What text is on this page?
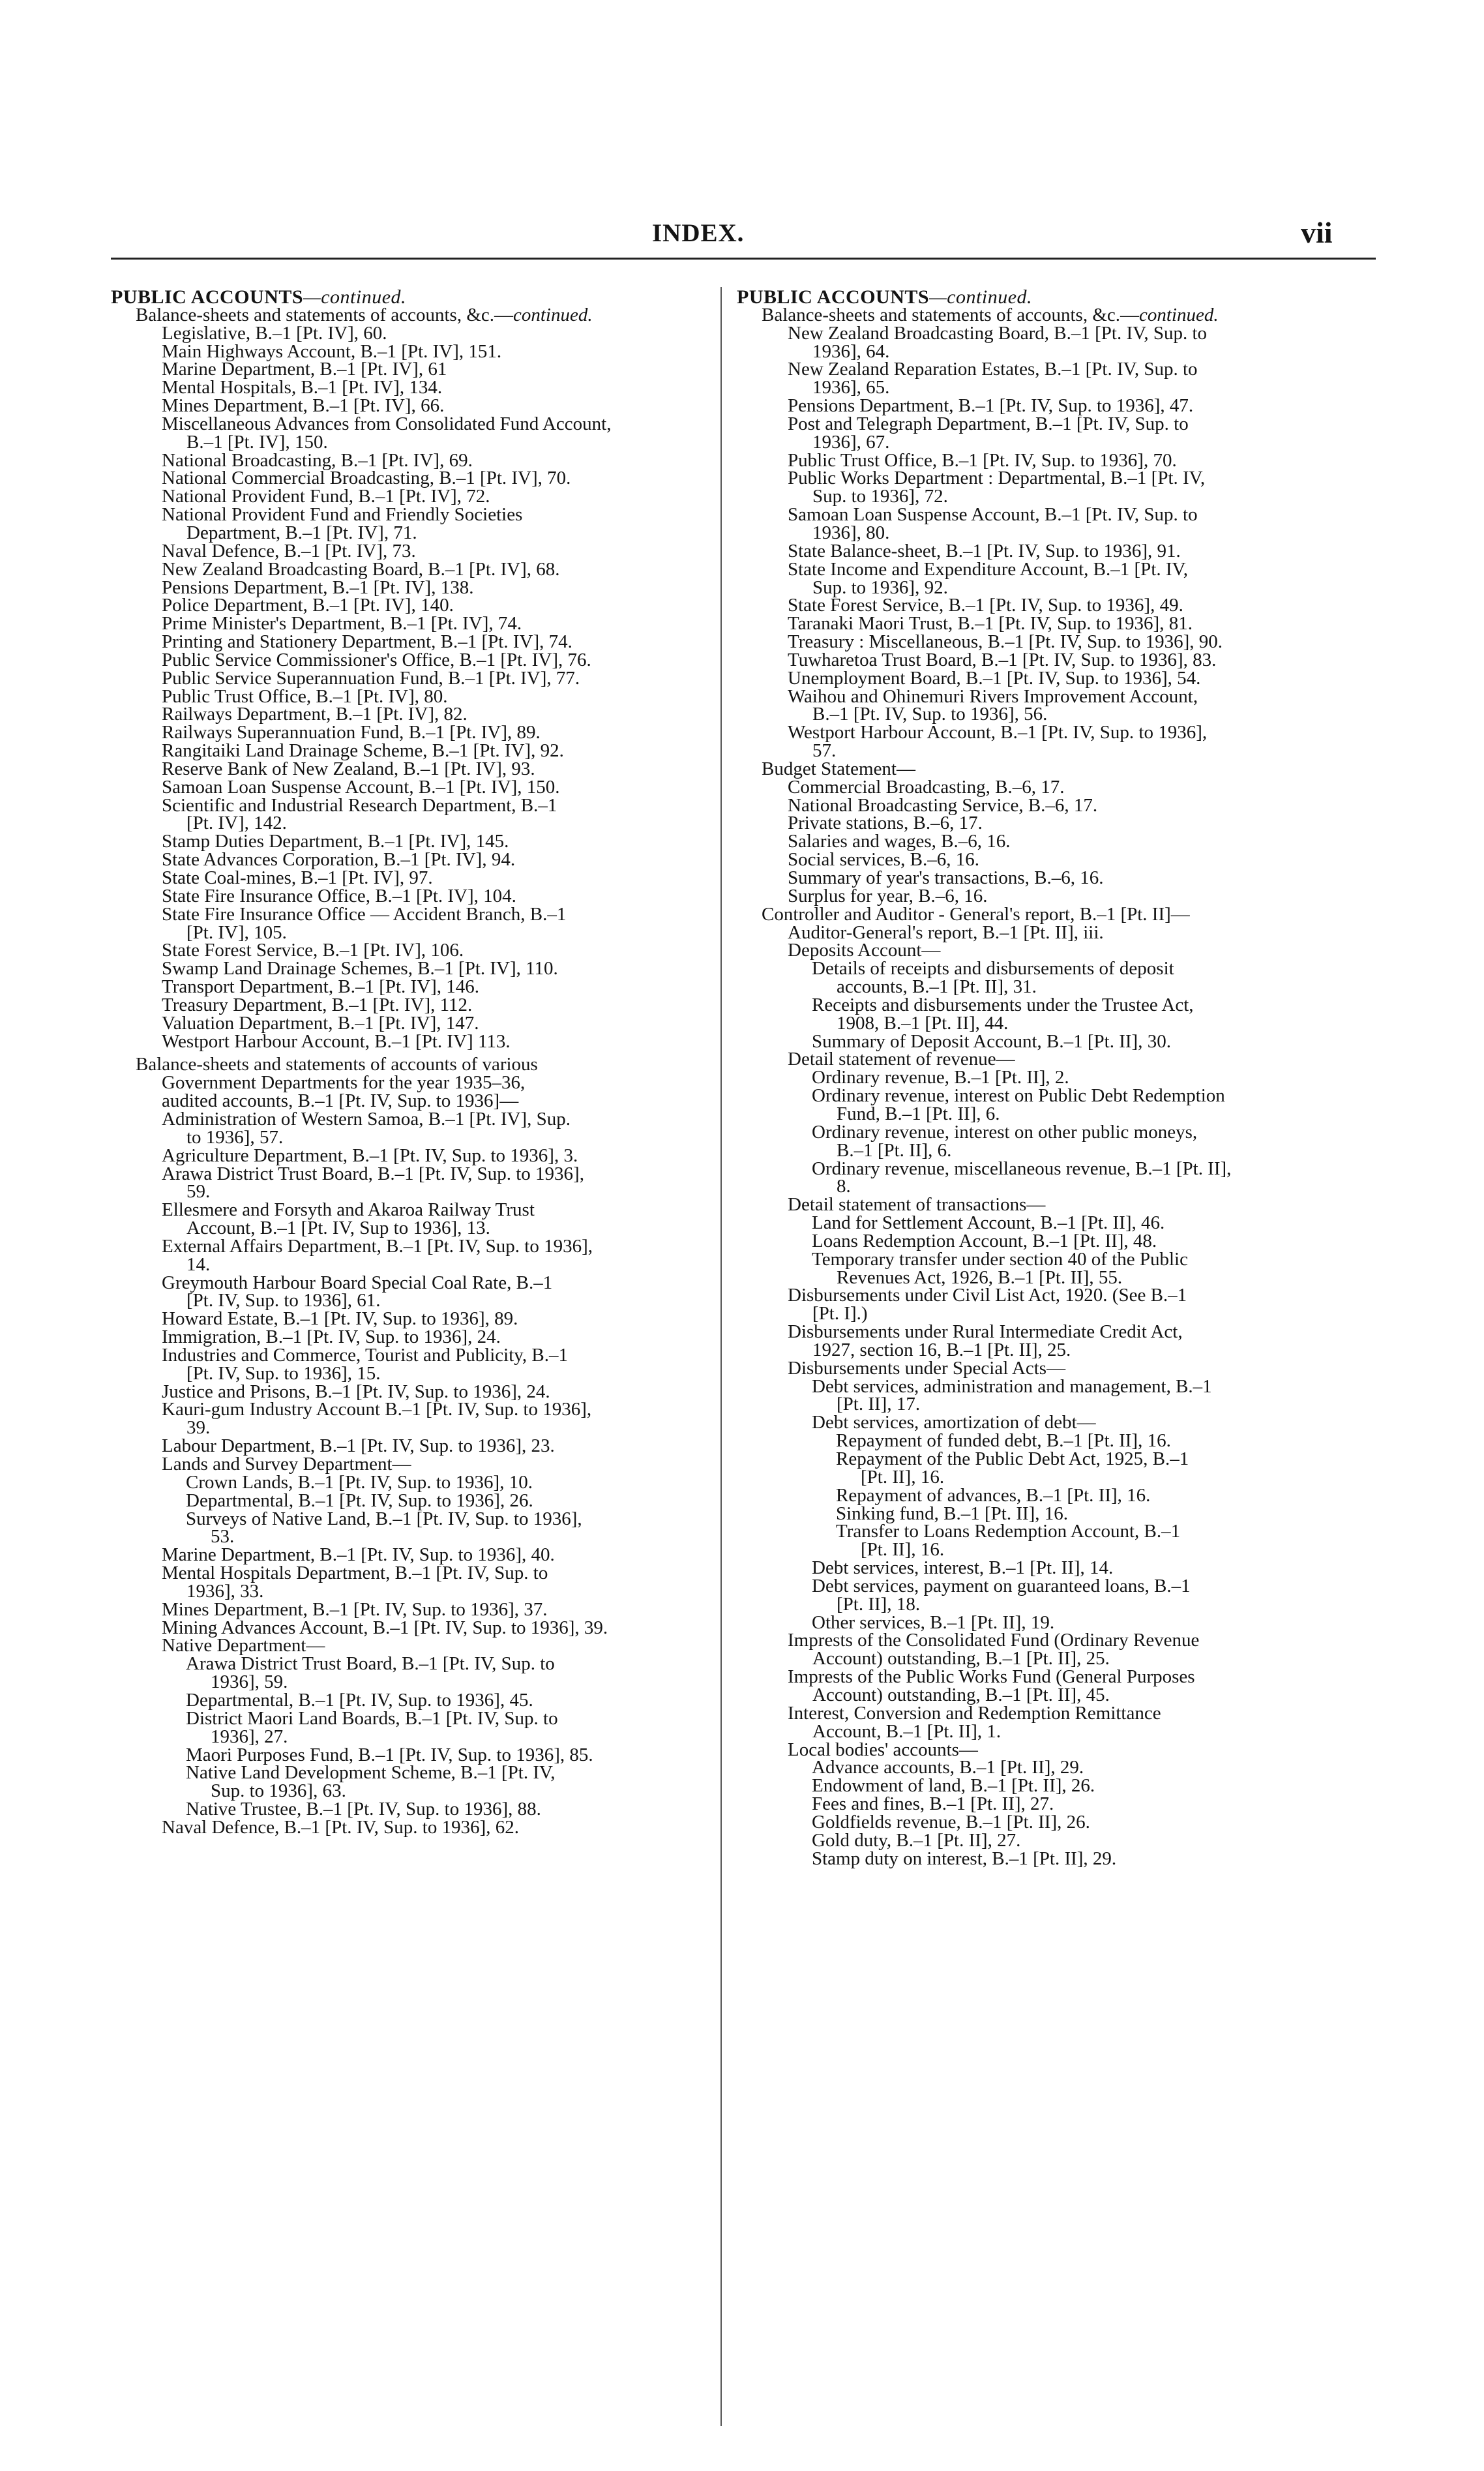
INDEX.	vii
PUBLIC ACCOUNTS—continued.
Balance-sheets and statements of accounts, &c.—continued.
Legislative, B.–1 [Pt. IV], 60.
Main Highways Account, B.–1 [Pt. IV], 151.
Marine Department, B.–1 [Pt. IV], 61
Mental Hospitals, B.–1 [Pt. IV], 134.
Mines Department, B.–1 [Pt. IV], 66.
Miscellaneous Advances from Consolidated Fund Account,
B.–1 [Pt. IV], 150.
National Broadcasting, B.–1 [Pt. IV], 69.
National Commercial Broadcasting, B.–1 [Pt. IV], 70.
National Provident Fund, B.–1 [Pt. IV], 72.
National Provident Fund and Friendly Societies
Department, B.–1 [Pt. IV], 71.
Naval Defence, B.–1 [Pt. IV], 73.
New Zealand Broadcasting Board, B.–1 [Pt. IV], 68.
Pensions Department, B.–1 [Pt. IV], 138.
Police Department, B.–1 [Pt. IV], 140.
Prime Minister's Department, B.–1 [Pt. IV], 74.
Printing and Stationery Department, B.–1 [Pt. IV], 74.
Public Service Commissioner's Office, B.–1 [Pt. IV], 76.
Public Service Superannuation Fund, B.–1 [Pt. IV], 77.
Public Trust Office, B.–1 [Pt. IV], 80.
Railways Department, B.–1 [Pt. IV], 82.
Railways Superannuation Fund, B.–1 [Pt. IV], 89.
Rangitaiki Land Drainage Scheme, B.–1 [Pt. IV], 92.
Reserve Bank of New Zealand, B.–1 [Pt. IV], 93.
Samoan Loan Suspense Account, B.–1 [Pt. IV], 150.
Scientific and Industrial Research Department, B.–1
[Pt. IV], 142.
Stamp Duties Department, B.–1 [Pt. IV], 145.
State Advances Corporation, B.–1 [Pt. IV], 94.
State Coal-mines, B.–1 [Pt. IV], 97.
State Fire Insurance Office, B.–1 [Pt. IV], 104.
State Fire Insurance Office — Accident Branch, B.–1
[Pt. IV], 105.
State Forest Service, B.–1 [Pt. IV], 106.
Swamp Land Drainage Schemes, B.–1 [Pt. IV], 110.
Transport Department, B.–1 [Pt. IV], 146.
Treasury Department, B.–1 [Pt. IV], 112.
Valuation Department, B.–1 [Pt. IV], 147.
Westport Harbour Account, B.–1 [Pt. IV] 113.
Balance-sheets and statements of accounts of various
Government Departments for the year 1935–36,
audited accounts, B.–1 [Pt. IV, Sup. to 1936]—
Administration of Western Samoa, B.–1 [Pt. IV], Sup.
to 1936], 57.
Agriculture Department, B.–1 [Pt. IV, Sup. to 1936], 3.
Arawa District Trust Board, B.–1 [Pt. IV, Sup. to 1936],
59.
Ellesmere and Forsyth and Akaroa Railway Trust
Account, B.–1 [Pt. IV, Sup to 1936], 13.
External Affairs Department, B.–1 [Pt. IV, Sup. to 1936],
14.
Greymouth Harbour Board Special Coal Rate, B.–1
[Pt. IV, Sup. to 1936], 61.
Howard Estate, B.–1 [Pt. IV, Sup. to 1936], 89.
Immigration, B.–1 [Pt. IV, Sup. to 1936], 24.
Industries and Commerce, Tourist and Publicity, B.–1
[Pt. IV, Sup. to 1936], 15.
Justice and Prisons, B.–1 [Pt. IV, Sup. to 1936], 24.
Kauri-gum Industry Account B.–1 [Pt. IV, Sup. to 1936],
39.
Labour Department, B.–1 [Pt. IV, Sup. to 1936], 23.
Lands and Survey Department—
Crown Lands, B.–1 [Pt. IV, Sup. to 1936], 10.
Departmental, B.–1 [Pt. IV, Sup. to 1936], 26.
Surveys of Native Land, B.–1 [Pt. IV, Sup. to 1936],
53.
Marine Department, B.–1 [Pt. IV, Sup. to 1936], 40.
Mental Hospitals Department, B.–1 [Pt. IV, Sup. to
1936], 33.
Mines Department, B.–1 [Pt. IV, Sup. to 1936], 37.
Mining Advances Account, B.–1 [Pt. IV, Sup. to 1936], 39.
Native Department—
Arawa District Trust Board, B.–1 [Pt. IV, Sup. to
1936], 59.
Departmental, B.–1 [Pt. IV, Sup. to 1936], 45.
District Maori Land Boards, B.–1 [Pt. IV, Sup. to
1936], 27.
Maori Purposes Fund, B.–1 [Pt. IV, Sup. to 1936], 85.
Native Land Development Scheme, B.–1 [Pt. IV,
Sup. to 1936], 63.
Native Trustee, B.–1 [Pt. IV, Sup. to 1936], 88.
Naval Defence, B.–1 [Pt. IV, Sup. to 1936], 62.
PUBLIC ACCOUNTS—continued.
Balance-sheets and statements of accounts, &c.—continued.
New Zealand Broadcasting Board, B.–1 [Pt. IV, Sup. to
1936], 64.
New Zealand Reparation Estates, B.–1 [Pt. IV, Sup. to
1936], 65.
Pensions Department, B.–1 [Pt. IV, Sup. to 1936], 47.
Post and Telegraph Department, B.–1 [Pt. IV, Sup. to
1936], 67.
Public Trust Office, B.–1 [Pt. IV, Sup. to 1936], 70.
Public Works Department : Departmental, B.–1 [Pt. IV,
Sup. to 1936], 72.
Samoan Loan Suspense Account, B.–1 [Pt. IV, Sup. to
1936], 80.
State Balance-sheet, B.–1 [Pt. IV, Sup. to 1936], 91.
State Income and Expenditure Account, B.–1 [Pt. IV,
Sup. to 1936], 92.
State Forest Service, B.–1 [Pt. IV, Sup. to 1936], 49.
Taranaki Maori Trust, B.–1 [Pt. IV, Sup. to 1936], 81.
Treasury : Miscellaneous, B.–1 [Pt. IV, Sup. to 1936], 90.
Tuwharetoa Trust Board, B.–1 [Pt. IV, Sup. to 1936], 83.
Unemployment Board, B.–1 [Pt. IV, Sup. to 1936], 54.
Waihou and Ohinemuri Rivers Improvement Account,
B.–1 [Pt. IV, Sup. to 1936], 56.
Westport Harbour Account, B.–1 [Pt. IV, Sup. to 1936],
57.
Budget Statement—
Commercial Broadcasting, B.–6, 17.
National Broadcasting Service, B.–6, 17.
Private stations, B.–6, 17.
Salaries and wages, B.–6, 16.
Social services, B.–6, 16.
Summary of year's transactions, B.–6, 16.
Surplus for year, B.–6, 16.
Controller and Auditor - General's report, B.–1 [Pt. II]—
Auditor-General's report, B.–1 [Pt. II], iii.
Deposits Account—
Details of receipts and disbursements of deposit
accounts, B.–1 [Pt. II], 31.
Receipts and disbursements under the Trustee Act,
1908, B.–1 [Pt. II], 44.
Summary of Deposit Account, B.–1 [Pt. II], 30.
Detail statement of revenue—
Ordinary revenue, B.–1 [Pt. II], 2.
Ordinary revenue, interest on Public Debt Redemption
Fund, B.–1 [Pt. II], 6.
Ordinary revenue, interest on other public moneys,
B.–1 [Pt. II], 6.
Ordinary revenue, miscellaneous revenue, B.–1 [Pt. II],
8.
Detail statement of transactions—
Land for Settlement Account, B.–1 [Pt. II], 46.
Loans Redemption Account, B.–1 [Pt. II], 48.
Temporary transfer under section 40 of the Public
Revenues Act, 1926, B.–1 [Pt. II], 55.
Disbursements under Civil List Act, 1920. (See B.–1
[Pt. I].)
Disbursements under Rural Intermediate Credit Act,
1927, section 16, B.–1 [Pt. II], 25.
Disbursements under Special Acts—
Debt services, administration and management, B.–1
[Pt. II], 17.
Debt services, amortization of debt—
Repayment of funded debt, B.–1 [Pt. II], 16.
Repayment of the Public Debt Act, 1925, B.–1
[Pt. II], 16.
Repayment of advances, B.–1 [Pt. II], 16.
Sinking fund, B.–1 [Pt. II], 16.
Transfer to Loans Redemption Account, B.–1
[Pt. II], 16.
Debt services, interest, B.–1 [Pt. II], 14.
Debt services, payment on guaranteed loans, B.–1
[Pt. II], 18.
Other services, B.–1 [Pt. II], 19.
Imprests of the Consolidated Fund (Ordinary Revenue
Account) outstanding, B.–1 [Pt. II], 25.
Imprests of the Public Works Fund (General Purposes
Account) outstanding, B.–1 [Pt. II], 45.
Interest, Conversion and Redemption Remittance
Account, B.–1 [Pt. II], 1.
Local bodies' accounts—
Advance accounts, B.–1 [Pt. II], 29.
Endowment of land, B.–1 [Pt. II], 26.
Fees and fines, B.–1 [Pt. II], 27.
Goldfields revenue, B.–1 [Pt. II], 26.
Gold duty, B.–1 [Pt. II], 27.
Stamp duty on interest, B.–1 [Pt. II], 29.
